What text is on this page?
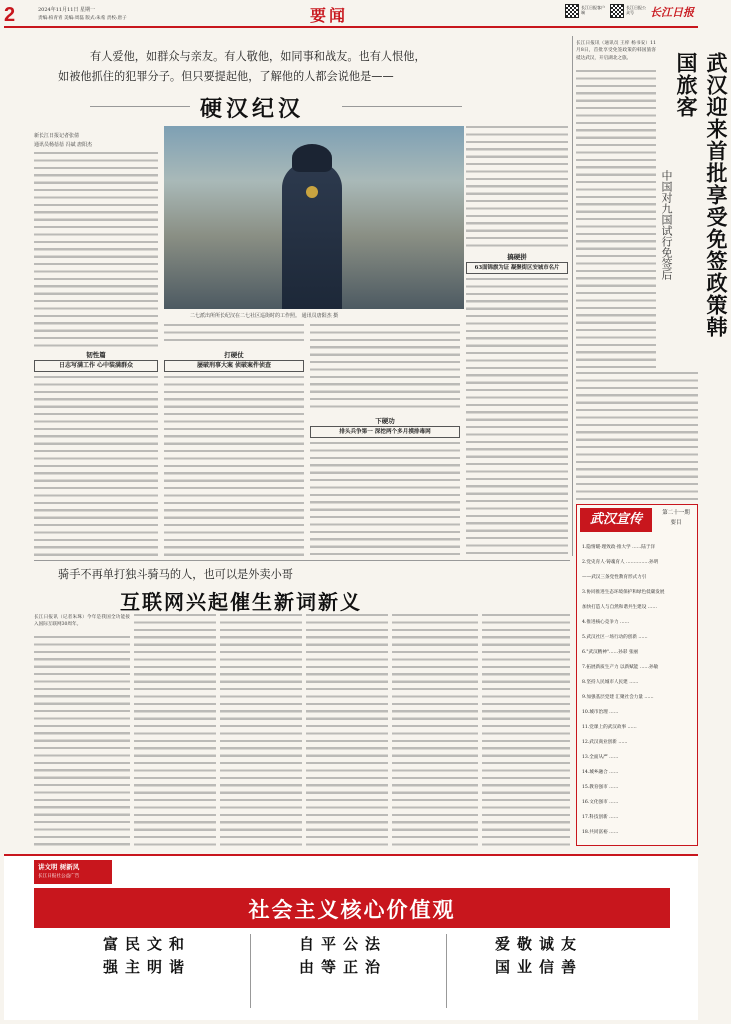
2	2024年11月11日 星期一
责编:柏青青 美编:周磊 版式:朱希 责校:唐子	要闻	长江日报客户端
长江日报公众号	长江日报
有人爱他，如群众与亲友。有人敬他，如同事和战友。也有人恨他，
如被他抓住的犯罪分子。但只要提起他，了解他的人都会说他是——
硬汉纪汉
新长江日报记者张倩
通讯员杨蓓蓓 冯斌 唐阳杰
二七派出所所长纪汉在二七社区巡街时的工作照。 通讯员唐阳杰 摄
韧性篇
日志写满工作 心中装满群众
打硬仗
屡破刑事大案 侦破案件侦查
下硬功
排头兵争第一 深挖两个多月摸排毒网
搞硬拼
63面锦旗为证 凝聚街区安城市名片	武汉迎来首批享受免签政策韩国旅客
中国对九国试行免签后
长江日报讯（通讯员 王梓 杨书安）11月8日，首批享受免签政策的韩国旅客抵达武汉，开启湖北之旅。
武汉宣传	第二十一期
要目
1.隐情暖·理致政·推大学 ……陆于洋
2.党史育人·铸魂育人 ……………孙明
——武汉三条党性教育形式力引
3.协同推进生态环境保护和绿色低碳发展
加快打造人与自然和谐共生建设 ……
4.推进核心竞争力 ……
5.武汉社区一场行动的创新 ……
6."武汉精神"……孙彩 张丽
7.拓展新质生产力 以新赋能 ……孙敏
8.坚持人民城市人民建 ……
9.加强基层党建 汇聚社会力量 ……
10.城市治理 ……
11.党课上的武汉故事 ……
12.武汉商业创新 ……
13.全面从严 ……
14.城乡融合 ……
15.教育强市 ……
16.文化强市 ……
17.科技创新 ……
18.共同富裕 ……
骑手不再单打独斗骑马的人，也可以是外卖小哥
互联网兴起催生新词新义
长江日报讯（记者朱珠）今年是我国全功能接入国际互联网30周年。
讲文明 树新风
长江日报社公益广告
社会主义核心价值观
富强 民主 文明 和谐	自由 平等 公正 法治	爱国 敬业 诚信 友善
